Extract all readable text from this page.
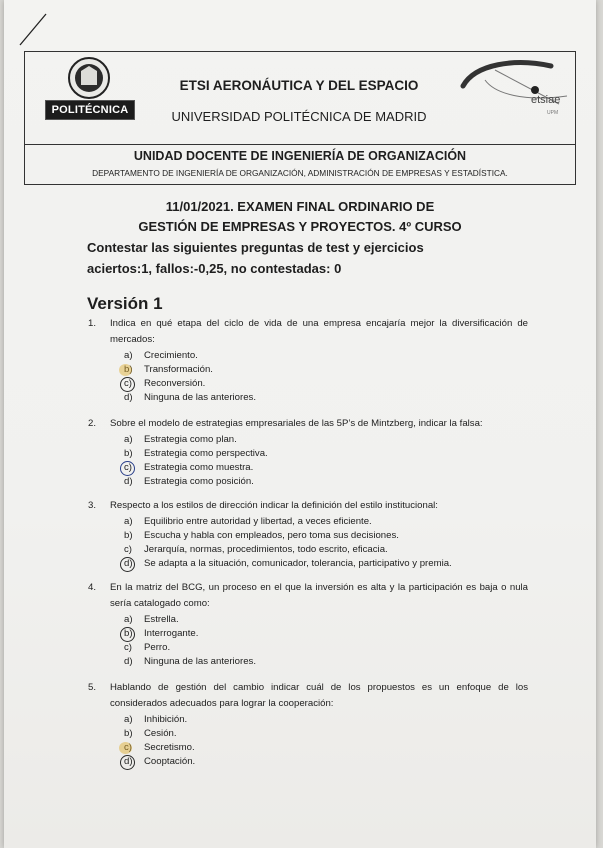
POLITÉCNICA
ETSI AERONÁUTICA Y DEL ESPACIO
UNIVERSIDAD POLITÉCNICA DE MADRID
etsiae
UPM
UNIDAD DOCENTE DE INGENIERÍA DE ORGANIZACIÓN
DEPARTAMENTO DE INGENIERÍA DE ORGANIZACIÓN, ADMINISTRACIÓN DE EMPRESAS Y ESTADÍSTICA.
11/01/2021. EXAMEN FINAL ORDINARIO DE
GESTIÓN DE EMPRESAS Y PROYECTOS. 4º CURSO
Contestar las siguientes preguntas de test y ejercicios
aciertos:1, fallos:-0,25, no contestadas: 0
Versión 1
1.	Indica en qué etapa del ciclo de vida de una empresa encajaría mejor la diversificación de mercados:
a)	Crecimiento.
b)	Transformación.
c)	Reconversión.
d)	Ninguna de las anteriores.
2.	Sobre el modelo de estrategias empresariales de las 5P’s de Mintzberg, indicar la falsa:
a)	Estrategia como plan.
b)	Estrategia como perspectiva.
c)	Estrategia como muestra.
d)	Estrategia como posición.
3.	Respecto a los estilos de dirección indicar la definición del estilo institucional:
a)	Equilibrio entre autoridad y libertad, a veces eficiente.
b)	Escucha y habla con empleados, pero toma sus decisiones.
c)	Jerarquía, normas, procedimientos, todo escrito, eficacia.
d)	Se adapta a la situación, comunicador, tolerancia, participativo y premia.
4.	En la matriz del BCG, un proceso en el que la inversión es alta y la participación es baja o nula sería catalogado como:
a)	Estrella.
b)	Interrogante.
c)	Perro.
d)	Ninguna de las anteriores.
5.	Hablando de gestión del cambio indicar cuál de los propuestos es un enfoque de los considerados adecuados para lograr la cooperación:
a)	Inhibición.
b)	Cesión.
c)	Secretismo.
d)	Cooptación.
